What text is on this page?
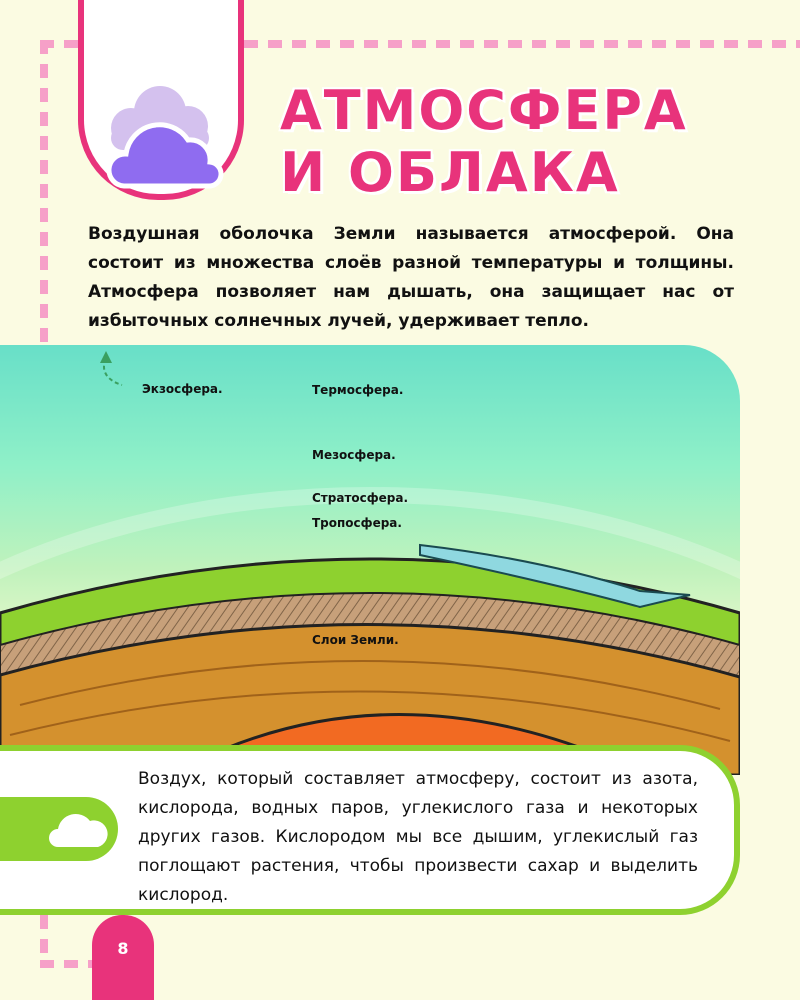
АТМОСФЕРА
И ОБЛАКА

Воздушная оболочка Земли называется атмосферой. Она состоит из множества слоёв разной температуры и толщины. Атмосфера позволяет нам дышать, она защищает нас от избыточных солнечных лучей, удерживает тепло.

Экзосфера.	Термосфера.
Мезосфера.
Стратосфера.
Тропосфера.
Слои Земли.

Воздух, который составляет атмосферу, состоит из азота, кислорода, водных паров, углекислого газа и некоторых других газов. Кислородом мы все дышим, углекислый газ поглощают растения, чтобы произвести сахар и выделить кислород.

8
